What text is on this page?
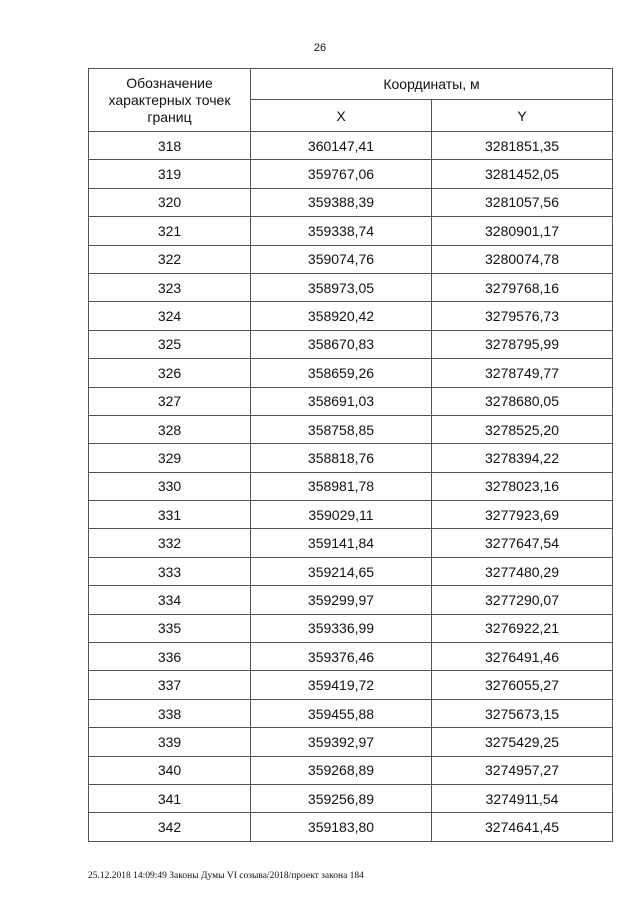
26
Обозначение характерных точек границ	Координаты, м	
	X	Y
318	360147,41	3281851,35
319	359767,06	3281452,05
320	359388,39	3281057,56
321	359338,74	3280901,17
322	359074,76	3280074,78
323	358973,05	3279768,16
324	358920,42	3279576,73
325	358670,83	3278795,99
326	358659,26	3278749,77
327	358691,03	3278680,05
328	358758,85	3278525,20
329	358818,76	3278394,22
330	358981,78	3278023,16
331	359029,11	3277923,69
332	359141,84	3277647,54
333	359214,65	3277480,29
334	359299,97	3277290,07
335	359336,99	3276922,21
336	359376,46	3276491,46
337	359419,72	3276055,27
338	359455,88	3275673,15
339	359392,97	3275429,25
340	359268,89	3274957,27
341	359256,89	3274911,54
342	359183,80	3274641,45
25.12.2018 14:09:49 Законы Думы VI созыва/2018/проект закона 184
